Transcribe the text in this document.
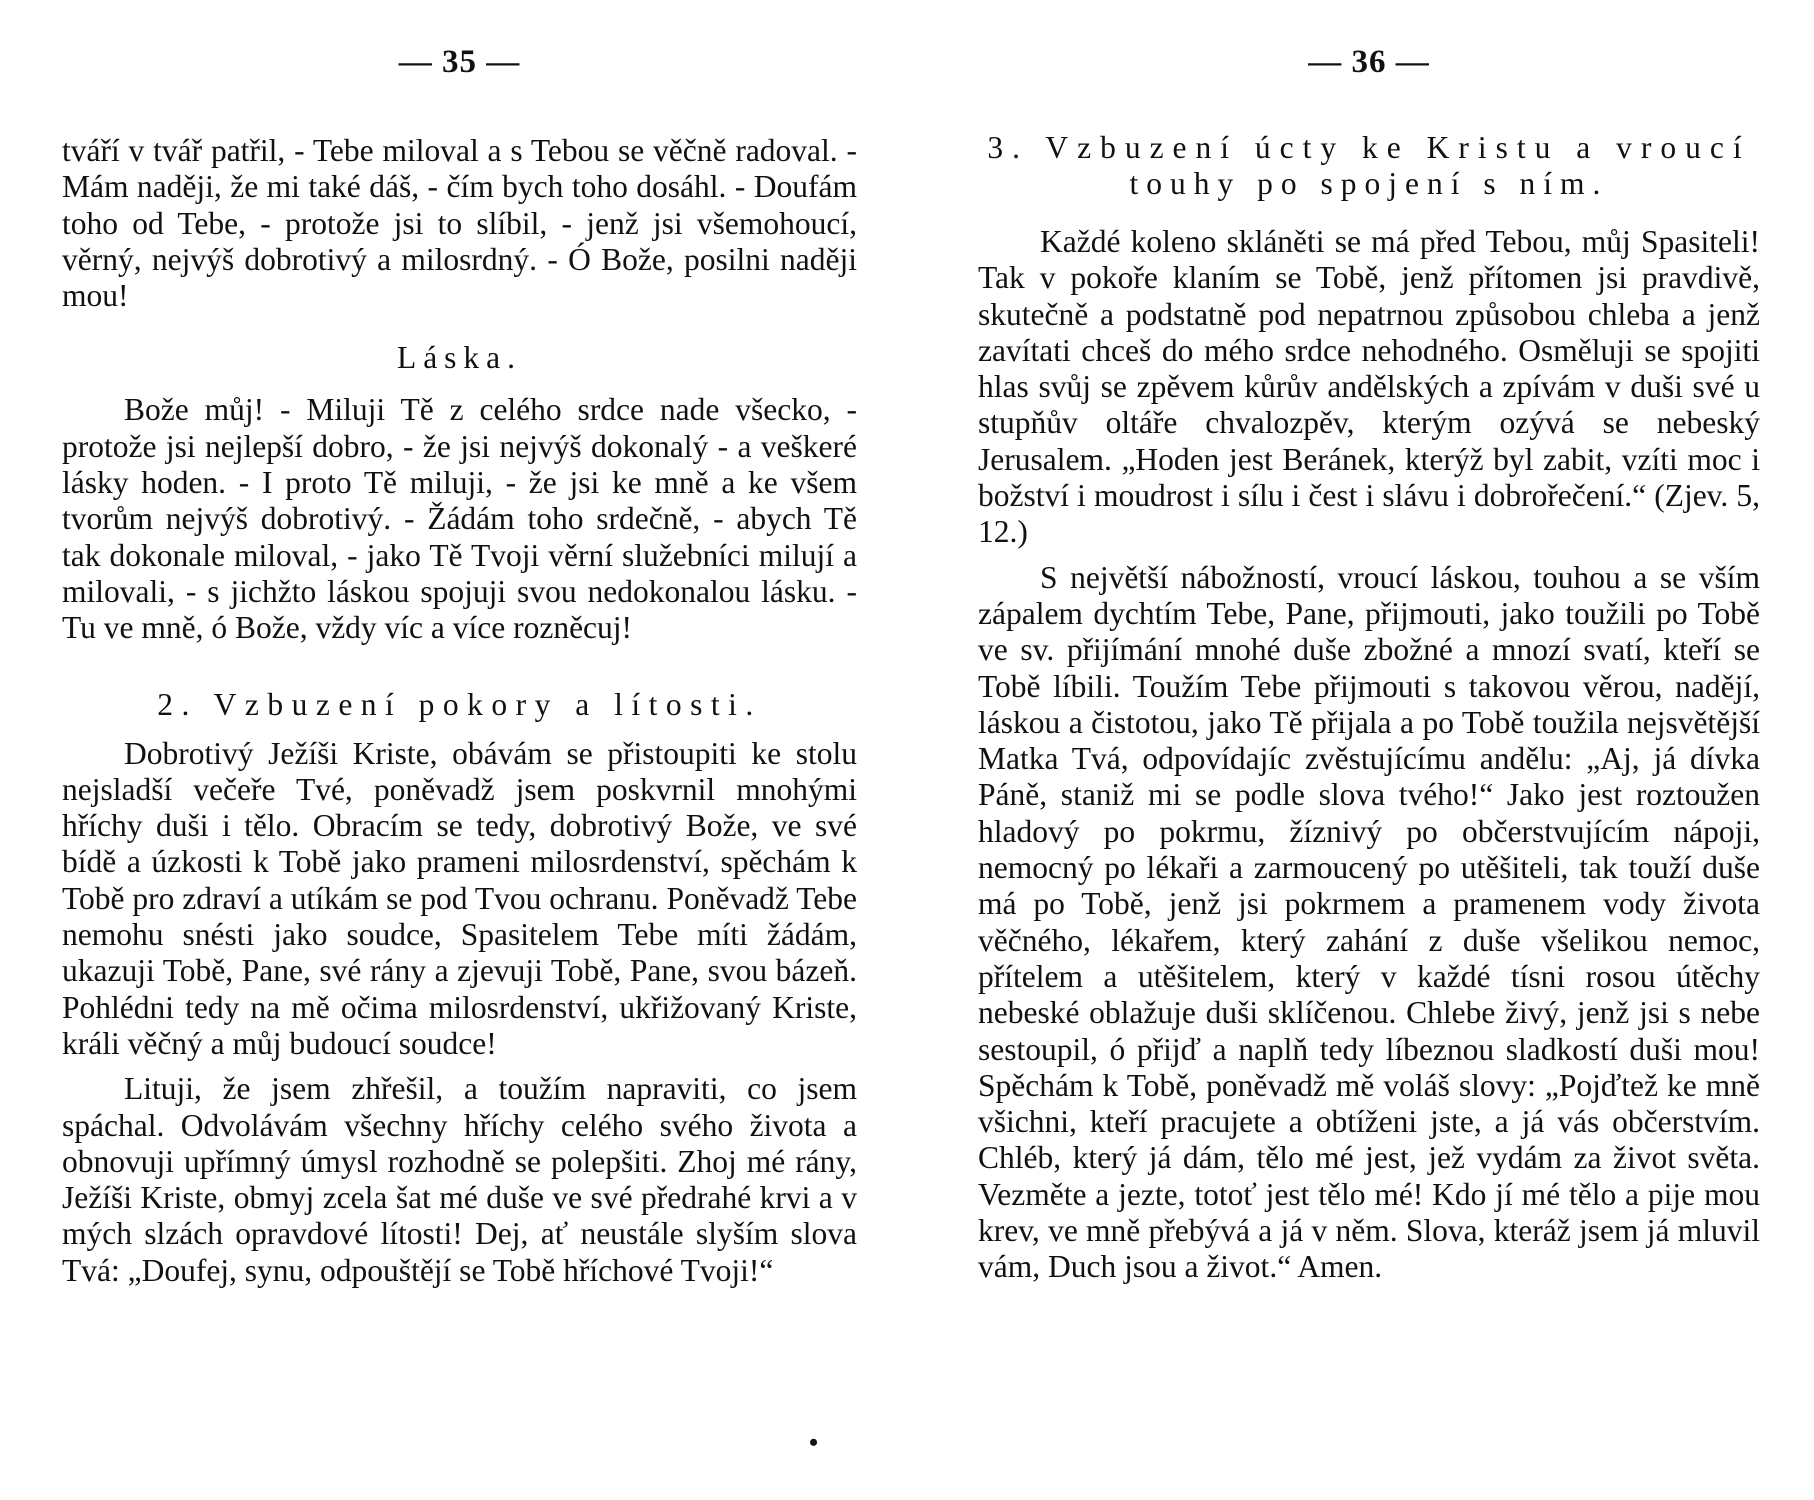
— 35 —

tváří v tvář patřil, - Tebe miloval a s Tebou se věčně radoval. - Mám naději, že mi také dáš, - čím bych toho dosáhl. - Doufám toho od Tebe, - protože jsi to slíbil, - jenž jsi všemohoucí, věrný, nejvýš dobrotivý a milosrdný. - Ó Bože, posilni naději mou!

Láska.

Bože můj! - Miluji Tě z celého srdce nade všecko, - protože jsi nejlepší dobro, - že jsi nejvýš dokonalý - a veškeré lásky hoden. - I proto Tě miluji, - že jsi ke mně a ke všem tvorům nejvýš dobrotivý. - Žádám toho srdečně, - abych Tě tak dokonale miloval, - jako Tě Tvoji věrní služebníci milují a milovali, - s jichžto láskou spojuji svou nedokonalou lásku. - Tu ve mně, ó Bože, vždy víc a více rozněcuj!

2. Vzbuzení pokory a lítosti.

Dobrotivý Ježíši Kriste, obávám se přistoupiti ke stolu nejsladší večeře Tvé, poněvadž jsem poskvrnil mnohými hříchy duši i tělo. Obracím se tedy, dobrotivý Bože, ve své bídě a úzkosti k Tobě jako prameni milosrdenství, spěchám k Tobě pro zdraví a utíkám se pod Tvou ochranu. Poněvadž Tebe nemohu snésti jako soudce, Spasitelem Tebe míti žádám, ukazuji Tobě, Pane, své rány a zjevuji Tobě, Pane, svou bázeň. Pohlédni tedy na mě očima milosrdenství, ukřižovaný Kriste, králi věčný a můj budoucí soudce!

Lituji, že jsem zhřešil, a toužím napraviti, co jsem spáchal. Odvolávám všechny hříchy celého svého života a obnovuji upřímný úmysl rozhodně se polepšiti. Zhoj mé rány, Ježíši Kriste, obmyj zcela šat mé duše ve své předrahé krvi a v mých slzách opravdové lítosti! Dej, ať neustále slyším slova Tvá: „Doufej, synu, odpouštějí se Tobě hříchové Tvoji!“

•
— 36 —

3. Vzbuzení úcty ke Kristu a vroucí

touhy po spojení s ním.

Každé koleno skláněti se má před Tebou, můj Spasiteli! Tak v pokoře klaním se Tobě, jenž přítomen jsi pravdivě, skutečně a podstatně pod nepatrnou způsobou chleba a jenž zavítati chceš do mého srdce nehodného. Osměluji se spojiti hlas svůj se zpěvem kůrův andělských a zpívám v duši své u stupňův oltáře chvalozpěv, kterým ozývá se nebeský Jerusalem. „Hoden jest Beránek, kterýž byl zabit, vzíti moc i božství i moudrost i sílu i čest i slávu i dobrořečení.“ (Zjev. 5, 12.)

S největší nábožností, vroucí láskou, touhou a se vším zápalem dychtím Tebe, Pane, přijmouti, jako toužili po Tobě ve sv. přijímání mnohé duše zbožné a mnozí svatí, kteří se Tobě líbili. Toužím Tebe přijmouti s takovou věrou, nadějí, láskou a čistotou, jako Tě přijala a po Tobě toužila nejsvětější Matka Tvá, odpovídajíc zvěstujícímu andělu: „Aj, já dívka Páně, staniž mi se podle slova tvého!“ Jako jest roztoužen hladový po pokrmu, žíznivý po občerstvujícím nápoji, nemocný po lékaři a zarmoucený po utěšiteli, tak touží duše má po Tobě, jenž jsi pokrmem a pramenem vody života věčného, lékařem, který zahání z duše všelikou nemoc, přítelem a utěšitelem, který v každé tísni rosou útěchy nebeské oblažuje duši sklíčenou. Chlebe živý, jenž jsi s nebe sestoupil, ó přijď a naplň tedy líbeznou sladkostí duši mou! Spěchám k Tobě, poněvadž mě voláš slovy: „Pojďtež ke mně všichni, kteří pracujete a obtíženi jste, a já vás občerstvím. Chléb, který já dám, tělo mé jest, jež vydám za život světa. Vezměte a jezte, totoť jest tělo mé! Kdo jí mé tělo a pije mou krev, ve mně přebývá a já v něm. Slova, kteráž jsem já mluvil vám, Duch jsou a život.“ Amen.
